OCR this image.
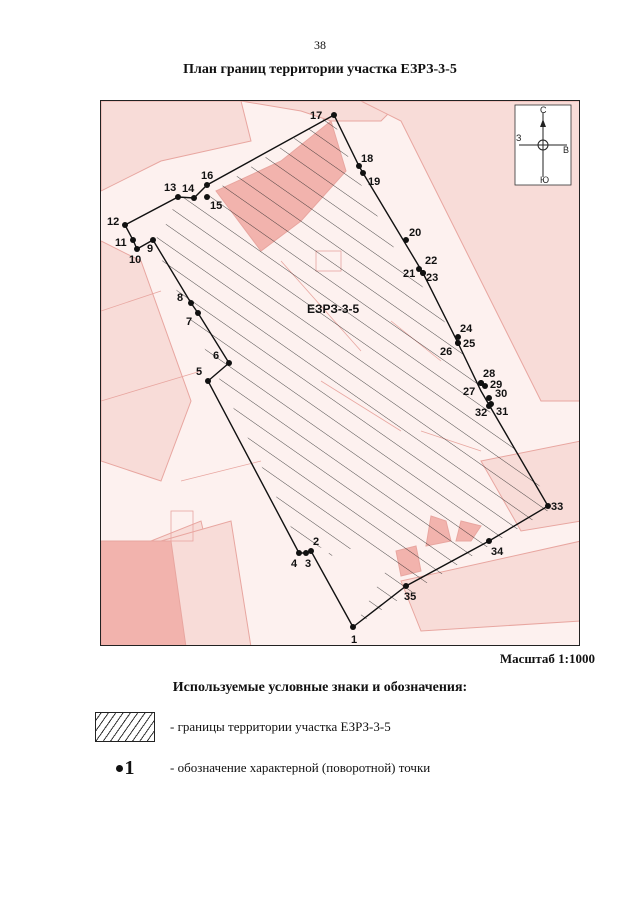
38
План границ территории участка ЕЗРЗ-3-5
С
Ю
З
В
ЕЗРЗ-3-5
1
2
3
4
5
6
7
8
9
10
11
12
13 14
15
16
17
18
19
20
21
22
23
24
25
26
27
28
29
30
31
32
33
34
35
Масштаб 1:1000
Используемые условные знаки и обозначения:
- границы территории участка ЕЗРЗ-3-5
1	- обозначение характерной (поворотной) точки
